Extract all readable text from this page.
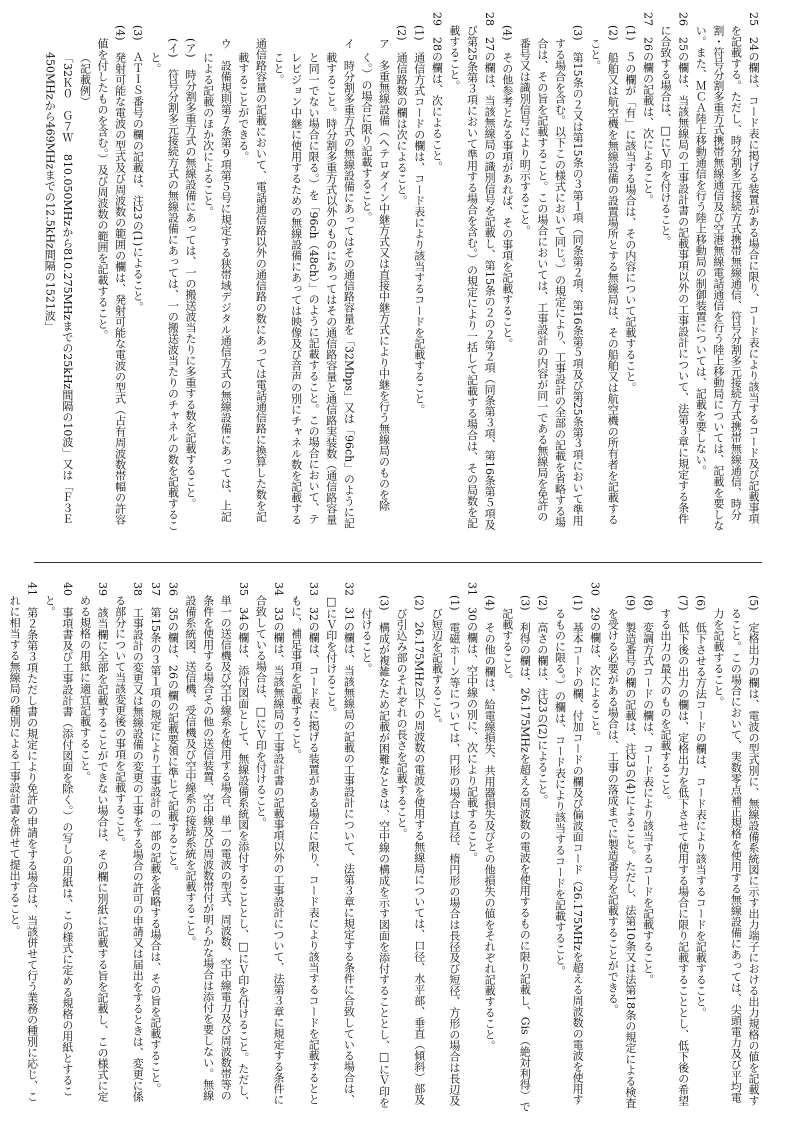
25　24の欄は、コード表に掲げる装置がある場合に限り、コード表により該当するコード及び記載事項を記載する。ただし、時分割多元接続方式携帯無線通信、符号分割多元接続方式携帯無線通信、時分割・符号分割多重方式携帯無線通信及び空港無線電話通信を行う陸上移動局については、記載を要しない。また、ＭＣＡ陸上移動通信を行う陸上移動局の制御装置については、記載を要しない。

26　25の欄は、当該無線局の工事設計書の記載事項以外の工事設計について、法第３章に規定する条件に合致する場合は、□にＶ印を付けること。

27　26の欄の記載は、次によること。

(1)　５の欄が「有」に該当する場合は、その内容について記載すること。

(2)　船舶又は航空機を無線設備の設置場所とする無線局は、その船舶又は航空機の所有者を記載すること。

(3)　第15条の２又は第15条の３第１項（同条第２項、第16条第５項及び第25条第３項において準用する場合を含む。以下この様式において同じ。）の規定により、工事設計の全部の記載を省略する場合は、その旨を記載すること。この場合においては、工事設計の内容が同一である無線局を免許の番号又は識別信号により明示すること。

(4)　その他参考となる事項があれば、その事項を記載すること。

28　27の欄は、当該無線局の識別信号を記載し、第15条の２の２第２項（同条第３項、第16条第５項及び第25条第３項において準用する場合を含む。）の規定により一括して記載する場合は、その局数を記載すること。

29　28の欄は、次によること。

(1)　通信方式コードの欄は、コード表により該当するコードを記載すること。

(2)　通信路数の欄は次によること。

ア　多重無線設備（ヘテロダイン中継方式又は直接中継方式により中継を行う無線局のものを除く。）の場合に限り記載すること。

イ　時分割多重方式の無線設備にあってはその通信路容量を「32Mbps」又は「96ch」のように記載すること。時分割多重方式以外のものにあってはその通信路容量と通信路実装数（通信路容量と同一でない場合に限る。）を「96ch（48ch）」のように記載すること。この場合において、テレビジョン中継に使用するための無線設備にあっては映像及び音声の別にチャネル数を記載すること。

通信路容量の記載において、電話通信路以外の通信路の数にあっては電話通信路に換算した数を記載することができる。

ウ　設備規則第７条第９項第５号に規定する狭帯域デジタル通信方式の無線設備にあっては、上記による記載のほか次によること。

(ア)　時分割多重方式の無線設備にあっては、一の搬送波当たりに多重する数を記載すること。

(イ)　符号分割多元接続方式の無線設備にあっては、一の搬送波当たりのチャネルの数を記載すること。

(3)　ＡＴＩＳ番号の欄の記載は、注23の(1)によること。

(4)　発射可能な電波の型式及び周波数の範囲の欄は、発射可能な電波の型式（占有周波数帯幅の許容値を付したものを含む。）及び周波数の範囲を記載すること。

（記載例）

「32Ｋ０　Ｇ７Ｗ　810.050MHzから810.275MHzまでの25kHz間隔の10波」又は「Ｆ３Ｅ　450MHzから469MHzまでの12.5kHz間隔の1521波」

(5)　定格出力の欄は、電波の型式別に、無線設備系統図に示す出力端子における出力規格の値を記載すること。この場合において、実数零点補正規格を使用する無線設備にあっては、尖頭電力及び平均電力を記載すること。

(6)　低下させる方法コードの欄は、コード表により該当するコードを記載すること。

(7)　低下後の出力の欄は、定格出力を低下させて使用する場合に限り記載することとし、低下後の希望する出力の最大のものを記載すること。

(8)　変調方式コードの欄は、コード表により該当するコードを記載すること。

(9)　製造番号の欄の記載は、注23の(4)によること。ただし、法第10条又は法第18条の規定による検査を受ける必要がある場合は、工事の落成までに製造番号を記載することができる。

30　29の欄は、次によること。

(1)　基本コードの欄、付加コードの欄及び偏波面コード（26.175MHzを超える周波数の電波を使用するものに限る。）の欄は、コード表により該当するコードを記載すること。

(2)　高さの欄は、注23の(2)によること。

(3)　利得の欄は、26.175MHzを超える周波数の電波を使用するものに限り記載し、Gis（絶対利得）で記載すること。

(4)　その他の欄は、給電線損失、共用器損失及びその他損失の値をそれぞれ記載すること。

31　30の欄は、空中線の別に、次により記載すること。

(1)　電磁ホーン等については、円形の場合は直径、楕円形の場合は長径及び短径、方形の場合は長辺及び短辺を記載すること。

(2)　26.175MHz以下の周波数の電波を使用する無線局については、口径、水平部、垂直（傾斜）部及び引込み部のそれぞれの長さを記載すること。

(3)　構成が複雑なため記載が困難なときは、空中線の構成を示す図面を添付することとし、□にＶ印を付けること。

32　31の欄は、当該無線局の記載の工事設計について、法第３章に規定する条件に合致している場合は、□にＶ印を付けること。

33　32の欄は、コード表に掲げる装置がある場合に限り、コード表により該当するコードを記載するとともに、補足事項を記載すること。

34　33の欄は、当該無線局の工事設計書の記載事項以外の工事設計について、法第３章に規定する条件に合致している場合は、□にＶ印を付けること。

35　34の欄は、添付図面として、無線設備系統図を添付することとし、□にＶ印を付けること。ただし、単一の送信機及び空中線系を使用する場合、単一の電波の型式、周波数、空中線電力及び周波数帯等の条件を使用する場合その他の送信装置、空中線及び周波数帯付が明らかな場合は添付を要しない。無線設備系統図、送信機、受信機及び空中線系の接続系統を記載すること。

36　35の欄は、26の欄の記載要領に準じて記載すること。

37　第15条の３第１項の規定により工事設計の一部の記載を省略する場合は、その旨を記載すること。

38　工事設計の変更又は無線設備の変更の工事をする場合の許可の申請又は届出をするときは、変更に係る部分について当該変更後の事項を記載すること。

39　該当欄に全部を記載することができない場合は、その欄に別紙に記載する旨を記載し、この様式に定める規格の用紙に適宜記載すること。

40　事項書及び工事設計書（添付図面を除く。）の写しの用紙は、この様式に定める規格の用紙とすること。

41　第２条第３項ただし書の規定により免許の申請をする場合は、当該併せて行う業務の種別に応じ、これに相当する無線局の種別による工事設計書を併せて提出すること。
